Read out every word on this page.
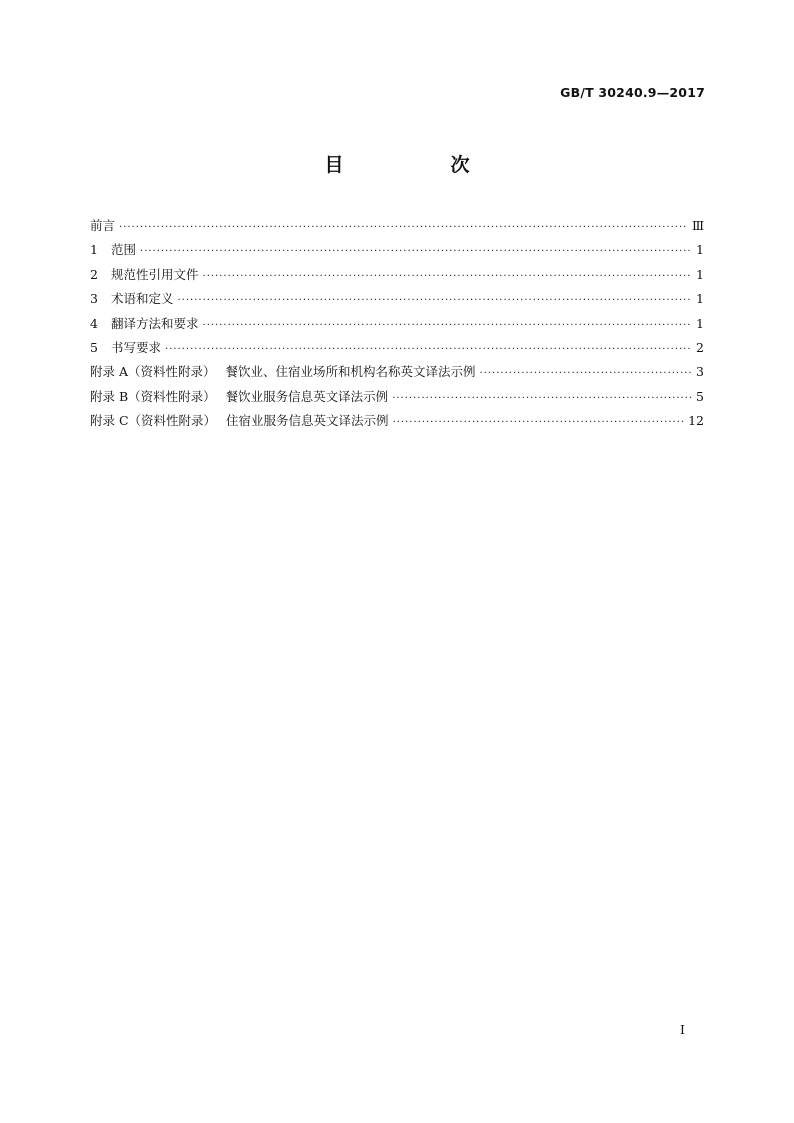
GB/T 30240.9—2017
目　次
前言 ·····	Ⅲ
1 范围 ·····	1
2 规范性引用文件 ·····	1
3 术语和定义 ·····	1
4 翻译方法和要求 ·····	1
5 书写要求 ·····	2
附录 A（资料性附录） 餐饮业、住宿业场所和机构名称英文译法示例 ·····	3
附录 B（资料性附录） 餐饮业服务信息英文译法示例 ·····	5
附录 C（资料性附录） 住宿业服务信息英文译法示例 ·····	12
I
